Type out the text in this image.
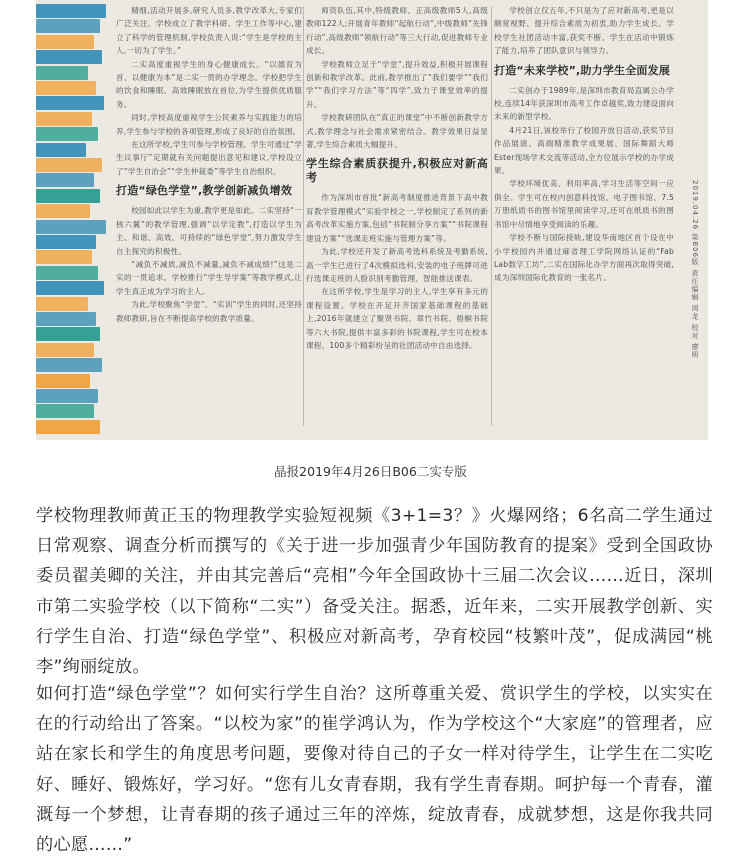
精细,活动开展多,研究人员多,教学改革大,专家们广泛关注。学校成立了教学科研、学生工作等中心,建立了科学的管理机制,学校负责人说:“学生是学校的主人,一切为了学生。”

二实高度重视学生的身心健康成长。“以德育为首、以健康为本”是二实一贯的办学理念。学校把学生的饮食和睡眠、高效睡眠放在首位,为学生提供优质服务。

同时,学校高度重视学生公民素养与实践能力的培养,学生参与学校的各项管理,形成了良好的自治氛围。

在这所学校,学生可参与学校管理。学生可通过“学生议事厅”定期就有关问题提出意见和建议,学校设立了“学生自治会”“学生仲裁委”等学生自治组织。

打造“绿色学堂”,教学创新减负增效

校园如此以学生为重,教学更是如此。二实坚持“一核六翼”的教学管理,强调“以学定教”,打造以学生为主、和谐、高效、可持续的“绿色学堂”,努力激发学生自主探究的积极性。

“减负不减质,减负不减量,减负不减成绩!”这是二实的一贯追求。学校推行“学生导学案”等教学模式,让学生真正成为学习的主人。

为此,学校聚焦“学堂”、“实训”学生的同时,还坚持教师教研,旨在不断提高学校的教学质量。

师资队伍,其中,特级教师、正高级教师5人,高级教师122人;开展青年教师“起航行动”,中级教师“先锋行动”,高级教师“领航行动”等三大行动,促进教师专业成长。

学校教师立足于“学堂”,提升效益,积极开展课程创新和教学改革。此前,教学推出了“我们要学”“我们学”“我们学习方法”等“四学”,致力于课堂效率的提升。

学校教研团队在“真正的课堂”中不断创新教学方式,教学理念与社会需求紧密结合。教学效果日益显著,学生综合素质大幅提升。

学生综合素质获提升,积极应对新高考

作为深圳市首批“新高考制度推进背景下高中教育教学管理模式”实验学校之一,学校制定了系列的新高考改革实施方案,包括“书院制分享方案”“书院课程建设方案”“选课走班实施与管理方案”等。

为此,学校还开发了新高考选科系统及考勤系统,高一学生已进行了4次模拟选科,安装的电子班牌可进行选课走班的人脸识别考勤管理、智能推送课表。

在这所学校,学生是学习的主人,学生享有多元的课程设置。学校在开足开齐国家基础课程的基础上,2016年就建立了聚贤书院、翠竹书院、梧桐书院等六大书院,提供丰富多彩的书院课程,学生可在校本课程、100多个精彩纷呈的社团活动中自由选择。

学校创立仅五年,不只是为了应对新高考,更是以顺宽视野、提升综合素质为初衷,助力学生成长。学校学生社团活动丰富,获奖不断。学生在活动中锻炼了能力,培养了团队意识与领导力。

打造“未来学校”,助力学生全面发展

二实创办于1989年,是深圳市教育局直属公办学校,连续14年获深圳市高考工作卓越奖,致力建设面向未来的新型学校。

4月21日,该校举行了校园开放日活动,获奖节目作品展演、高端精准教学成果展、国际舞蹈大师Ester现场学术交流等活动,全方位展示学校的办学成果。

学校环境优美、利用率高,学习生活等空间一应俱全。学生可在校内创意科技馆、电子图书馆、7.5万册纸质书的图书馆里阅读学习,还可在纸质书的图书馆中尽情地享受阅读的乐趣。

学校不断与国际接轨,建设华南地区首个设在中小学校园内并通过麻省理工学院网络认证的“Fab Lab数字工坊”,二实在国际化办学方面再次取得突破,成为深圳国际化教育的一张名片。	2019.04.26 第B06版 责任编辑 周龙 校对 廖明
晶报2019年4月26日B06二实专版
学校物理教师黄正玉的物理教学实验短视频《3+1=3？》火爆网络；6名高二学生通过日常观察、调查分析而撰写的《关于进一步加强青少年国防教育的提案》受到全国政协委员翟美卿的关注，并由其完善后“亮相”今年全国政协十三届二次会议……近日，深圳市第二实验学校（以下简称“二实”）备受关注。据悉，近年来，二实开展教学创新、实行学生自治、打造“绿色学堂”、积极应对新高考，孕育校园“枝繁叶茂”，促成满园“桃李”绚丽绽放。
如何打造“绿色学堂”？如何实行学生自治？这所尊重关爱、赏识学生的学校，以实实在在的行动给出了答案。“以校为家”的崔学鸿认为，作为学校这个“大家庭”的管理者，应站在家长和学生的角度思考问题，要像对待自己的子女一样对待学生，让学生在二实吃好、睡好、锻炼好，学习好。“您有儿女青春期，我有学生青春期。呵护每一个青春，灌溉每一个梦想，让青春期的孩子通过三年的淬炼，绽放青春，成就梦想，这是你我共同的心愿……”
